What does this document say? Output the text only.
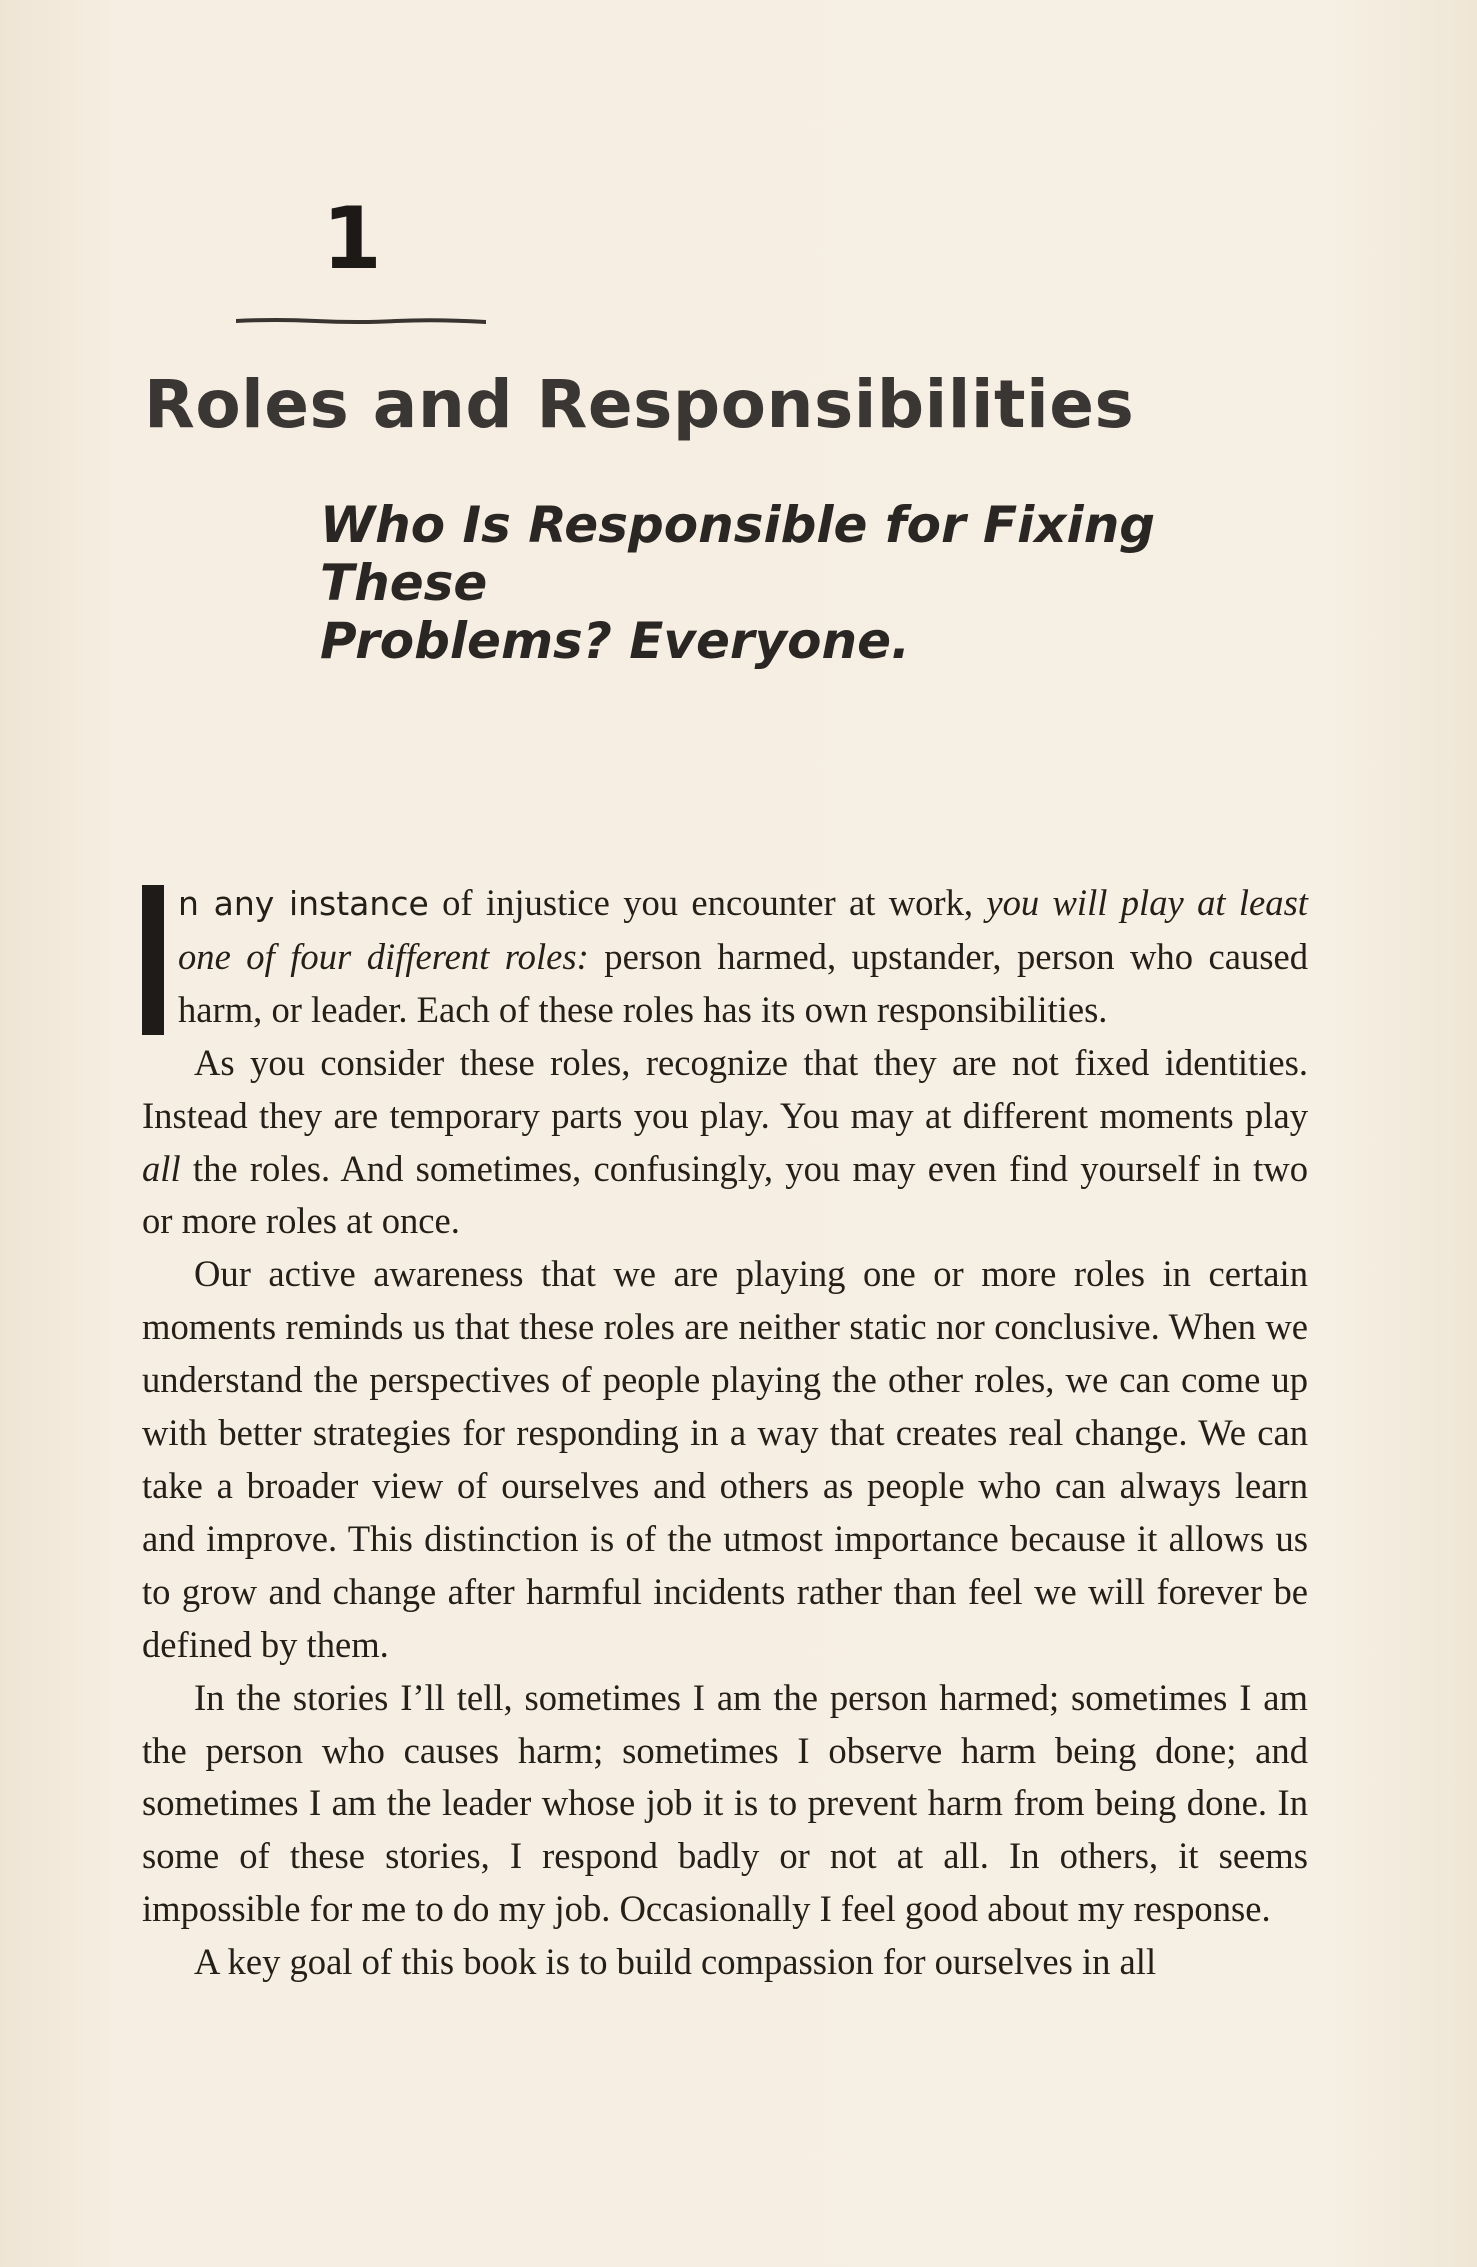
1
Roles and Responsibilities

Who Is Responsible for Fixing These
Problems? Everyone.

n any instance of injustice you encounter at work, you will play at least one of four different roles: person harmed, upstander, person who caused harm, or leader. Each of these roles has its own responsibilities.

As you consider these roles, recognize that they are not fixed identities. Instead they are temporary parts you play. You may at different moments play all the roles. And sometimes, confusingly, you may even find yourself in two or more roles at once.

Our active awareness that we are playing one or more roles in certain moments reminds us that these roles are neither static nor conclusive. When we understand the perspectives of people playing the other roles, we can come up with better strategies for responding in a way that creates real change. We can take a broader view of ourselves and others as people who can always learn and improve. This distinction is of the utmost importance because it allows us to grow and change after harmful incidents rather than feel we will forever be defined by them.

In the stories I’ll tell, sometimes I am the person harmed; sometimes I am the person who causes harm; sometimes I observe harm being done; and sometimes I am the leader whose job it is to prevent harm from being done. In some of these stories, I respond badly or not at all. In others, it seems impossible for me to do my job. Occasionally I feel good about my response.

A key goal of this book is to build compassion for ourselves in all
